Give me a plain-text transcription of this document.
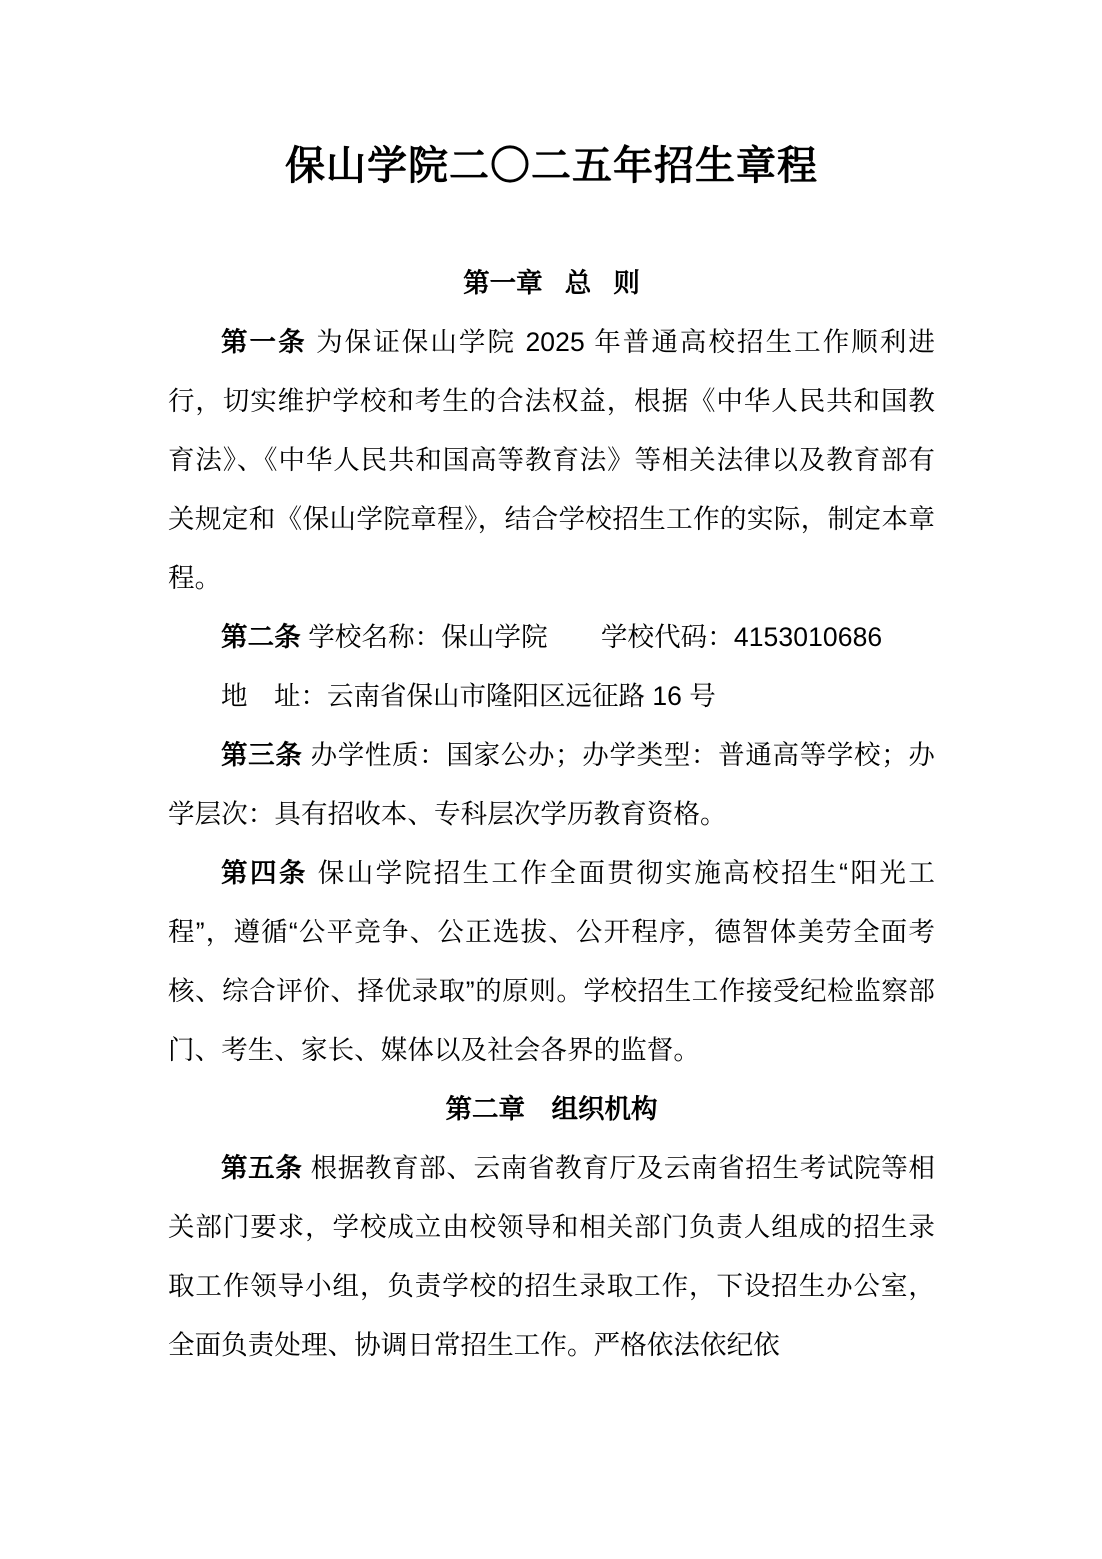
保山学院二〇二五年招生章程
第一章   总   则

第一条 为保证保山学院 2025 年普通高校招生工作顺利进行，切实维护学校和考生的合法权益，根据《中华人民共和国教育法》、《中华人民共和国高等教育法》等相关法律以及教育部有关规定和《保山学院章程》，结合学校招生工作的实际，制定本章程。

第二条 学校名称：保山学院　　学校代码：4153010686

地　址：云南省保山市隆阳区远征路 16 号

第三条 办学性质：国家公办；办学类型：普通高等学校；办学层次：具有招收本、专科层次学历教育资格。

第四条 保山学院招生工作全面贯彻实施高校招生“阳光工程”，遵循“公平竞争、公正选拔、公开程序，德智体美劳全面考核、综合评价、择优录取”的原则。学校招生工作接受纪检监察部门、考生、家长、媒体以及社会各界的监督。

第二章　组织机构

第五条 根据教育部、云南省教育厅及云南省招生考试院等相关部门要求，学校成立由校领导和相关部门负责人组成的招生录取工作领导小组，负责学校的招生录取工作，下设招生办公室，全面负责处理、协调日常招生工作。严格依法依纪依
